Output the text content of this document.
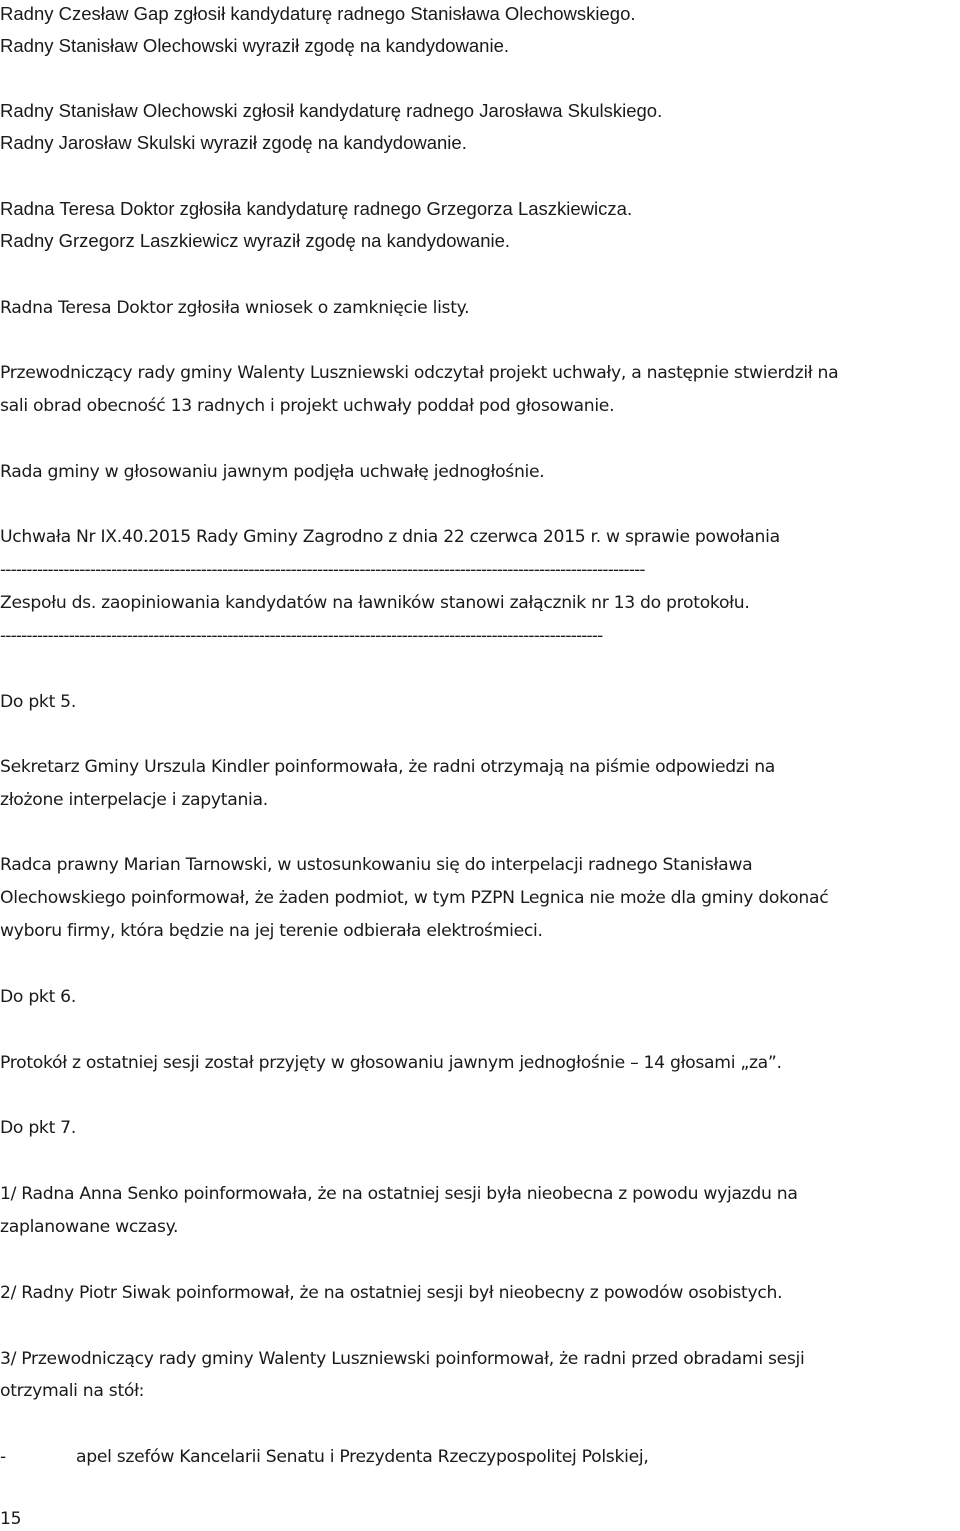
Radny Czesław Gap zgłosił kandydaturę radnego Stanisława Olechowskiego.
Radny Stanisław Olechowski wyraził zgodę na kandydowanie.
Radny Stanisław Olechowski zgłosił kandydaturę radnego Jarosława Skulskiego.
Radny Jarosław Skulski wyraził zgodę na kandydowanie.
Radna Teresa Doktor zgłosiła kandydaturę radnego Grzegorza Laszkiewicza.
Radny Grzegorz Laszkiewicz wyraził zgodę na kandydowanie.
Radna Teresa Doktor zgłosiła wniosek o zamknięcie listy.
Przewodniczący rady gminy Walenty Luszniewski odczytał projekt uchwały, a następnie stwierdził na
sali obrad obecność 13 radnych i projekt uchwały poddał pod głosowanie.
Rada gminy w głosowaniu jawnym podjęła uchwałę jednogłośnie.
Uchwała Nr IX.40.2015 Rady Gminy Zagrodno z dnia 22 czerwca 2015 r. w sprawie powołania
--------------------------------------------------------------------------------------------------------------------------
Zespołu ds. zaopiniowania kandydatów na ławników stanowi załącznik nr 13 do protokołu.
------------------------------------------------------------------------------------------------------------------
Do pkt 5.
Sekretarz Gminy Urszula Kindler poinformowała, że radni otrzymają na piśmie odpowiedzi na
złożone interpelacje i zapytania.
Radca prawny Marian Tarnowski, w ustosunkowaniu się do interpelacji radnego Stanisława
Olechowskiego poinformował, że żaden podmiot, w tym PZPN Legnica nie może dla gminy dokonać
wyboru firmy, która będzie na jej terenie odbierała elektrośmieci.
Do pkt 6.
Protokół z ostatniej sesji został przyjęty w głosowaniu jawnym jednogłośnie – 14 głosami „za”.
Do pkt 7.
1/ Radna Anna Senko poinformowała, że na ostatniej sesji była nieobecna z powodu wyjazdu na
zaplanowane wczasy.
2/ Radny Piotr Siwak poinformował, że na ostatniej sesji był nieobecny z powodów osobistych.
3/ Przewodniczący rady gminy Walenty Luszniewski poinformował, że radni przed obradami sesji
otrzymali na stół:
-	apel szefów Kancelarii Senatu i Prezydenta Rzeczypospolitej Polskiej,
15
